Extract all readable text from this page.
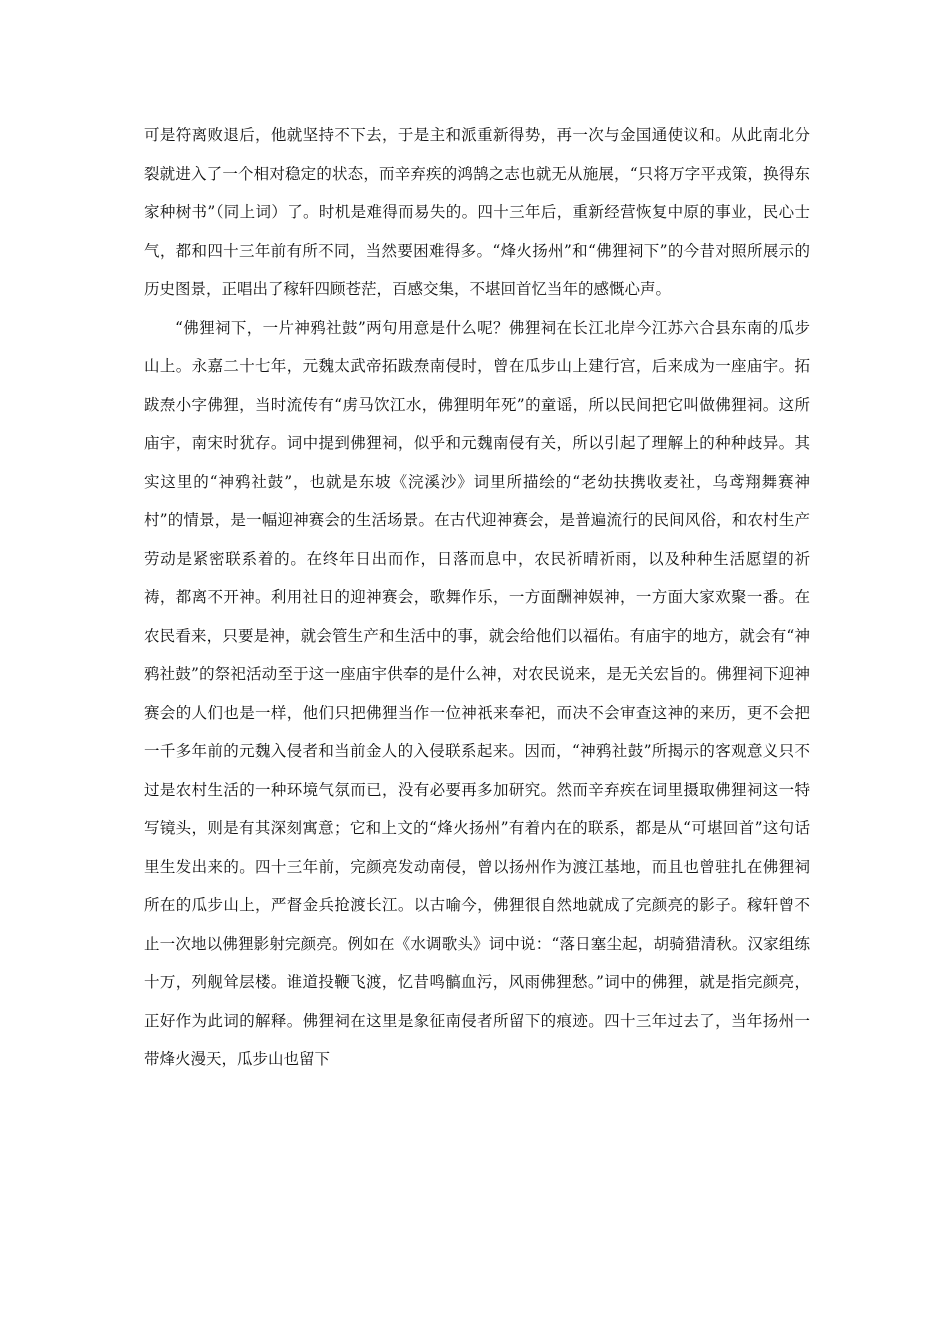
可是符离败退后，他就坚持不下去，于是主和派重新得势，再一次与金国通使议和。从此南北分裂就进入了一个相对稳定的状态，而辛弃疾的鸿鹄之志也就无从施展，“只将万字平戎策，换得东家种树书”（同上词）了。时机是难得而易失的。四十三年后，重新经营恢复中原的事业，民心士气，都和四十三年前有所不同，当然要困难得多。“烽火扬州”和“佛狸祠下”的今昔对照所展示的历史图景，正唱出了稼轩四顾苍茫，百感交集，不堪回首忆当年的感慨心声。

“佛狸祠下，一片神鸦社鼓”两句用意是什么呢？佛狸祠在长江北岸今江苏六合县东南的瓜步山上。永嘉二十七年，元魏太武帝拓跋焘南侵时，曾在瓜步山上建行宫，后来成为一座庙宇。拓跋焘小字佛狸，当时流传有“虏马饮江水，佛狸明年死”的童谣，所以民间把它叫做佛狸祠。这所庙宇，南宋时犹存。词中提到佛狸祠，似乎和元魏南侵有关，所以引起了理解上的种种歧异。其实这里的“神鸦社鼓”，也就是东坡《浣溪沙》词里所描绘的“老幼扶携收麦社，乌鸢翔舞赛神村”的情景，是一幅迎神赛会的生活场景。在古代迎神赛会，是普遍流行的民间风俗，和农村生产劳动是紧密联系着的。在终年日出而作，日落而息中，农民祈晴祈雨，以及种种生活愿望的祈祷，都离不开神。利用社日的迎神赛会，歌舞作乐，一方面酬神娱神，一方面大家欢聚一番。在农民看来，只要是神，就会管生产和生活中的事，就会给他们以福佑。有庙宇的地方，就会有“神鸦社鼓”的祭祀活动至于这一座庙宇供奉的是什么神，对农民说来，是无关宏旨的。佛狸祠下迎神赛会的人们也是一样，他们只把佛狸当作一位神祇来奉祀，而决不会审查这神的来历，更不会把一千多年前的元魏入侵者和当前金人的入侵联系起来。因而，“神鸦社鼓”所揭示的客观意义只不过是农村生活的一种环境气氛而已，没有必要再多加研究。然而辛弃疾在词里摄取佛狸祠这一特写镜头，则是有其深刻寓意；它和上文的“烽火扬州”有着内在的联系，都是从“可堪回首”这句话里生发出来的。四十三年前，完颜亮发动南侵，曾以扬州作为渡江基地，而且也曾驻扎在佛狸祠所在的瓜步山上，严督金兵抢渡长江。以古喻今，佛狸很自然地就成了完颜亮的影子。稼轩曾不止一次地以佛狸影射完颜亮。例如在《水调歌头》词中说：“落日塞尘起，胡骑猎清秋。汉家组练十万，列舰耸层楼。谁道投鞭飞渡，忆昔鸣髇血污，风雨佛狸愁。”词中的佛狸，就是指完颜亮，正好作为此词的解释。佛狸祠在这里是象征南侵者所留下的痕迹。四十三年过去了，当年扬州一带烽火漫天，瓜步山也留下
